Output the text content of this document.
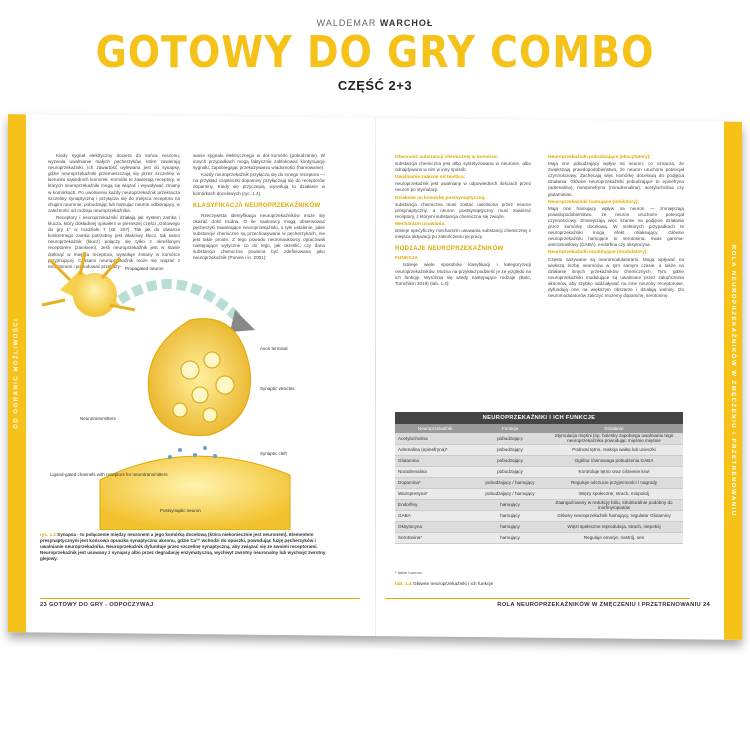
WALDEMAR WARCHOŁ
GOTOWY DO GRY COMBO
CZĘŚĆ 2+3
OD OGRANIC MOŻLIWOŚCI	ROLA NEUROPRZEKAŹNIKÓW W ZMĘCZENIU I PRZETRENOWANIU

Kiedy sygnał elektryczny dociera do końca neuronu, wyzwala uwalnianie małych pęcherzyków, które zawierają neuroprzekaźniki. Ich zawartość wylewana jest do synapsy, gdzie neuroprzekaźniki przemieszczają się przez szczelinę w kierunku sąsiednich komórek. Komórki te zawierają receptory, w których neuroprzekaźniki mogą się wiązać i wywoływać zmiany w komórkach. Po uwolnieniu każdy neuroprzekaźnik przekracza szczeliny synaptyczną i przyłącza się do miejsca receptora na drugim neuronie, pobudzając lub hamując neuron odbierający, w zależności od rodzaju neuroprzekaźnika.

Receptory i neuroprzekaźniki działają jak system zamka i klucza, który dokładniej opisałem w pierwszej części „Gotowego do gry 1” w rozdziale 7 (str. 207). Tak jak do otwarcia konkretnego zamka potrzebny jest właściwy klucz, tak samo neuroprzekaźnik (klucz) połączy się tylko z określonym receptorem (zamkiem). Jeśli neuroprzekaźnik jest w stanie dotknąć w miejscu receptora, wywołuje zmiany w komórce przyjmującej. Czasami neuroprzekaźnik może się wiązać z receptorami i powodować przekazy-

wanie sygnału elektrycznego w dół komórki (pobudzanie). W innych przypadkach mogą faktycznie zablokować kontynuację sygnału, zapobiegając przekazywaniu wiadomości (hamowanie).

Każdy neuroprzekaźnik przyłącza się do innego receptora — na przykład cząsteczki dopaminy przyłączają się do receptorów dopaminy. Kiedy się przyczepią, wywołują to działanie w komórkach docelowych (ryc. 1.4).

KLASYFIKACJA NEUROPRZEKAŹNIKÓW

Rzeczywista identyfikacja neuroprzekaźników może się okazać dość trudna. O ile naukowcy mogą obserwować pęcherzyki zawierające neuroprzekaźniki, o tyle ustalenie, jakie substancje chemiczne są przechowywane w pęcherzykach, nie jest takie proste. Z tego powodu neuronaukowcy opracowali następujące wytyczne co do tego, jak określić, czy dana substancja chemiczna powinna być zdefiniowana jako neuroprzekaźnik (Purves i in. 2001):

Propagated neuron
Axon terminal
Synaptic vesicles
Neurotransmitters
Ligand-gated channels with receptors for neurotransmitters
Synaptic cleft
Postsynaptic neuron
ryc. 1.4 Synapsa - to połączenie między neuronem a jego komórką docelową (która niekoniecznie jest neuronem). Elementem presynaptycznym jest końcowa opuszka synaptyczna aksonu, gdzie Ca²⁺ wchodzi do opuszki, powodując fuzję pęcherzyków i uwalnianie neuroprzekaźnika. Neuroprzekaźnik dyfunduje przez szczelinę synaptyczną, aby związać się ze swoimi receptorami. Neuroprzekaźnik jest usuwany z synapsy albo przez degradację enzymatyczną, wychwyt zwrotny neuronalny lub wychwyt zwrotny glejowy.
Obecność substancji chemicznej w komórce:

substancja chemiczna jest albo syntetyzowana w neuronie, albo odnajdywana w nim w inny sposób.

Uwalnianie zależne od bodźca:

neuroprzekaźnik jest uwalniany w odpowiednich ilościach przez neuron po stymulacji.

Działanie na komórkę postsynaptyczną:

substancja chemiczna musi zostać uwolniona przez neuron presynaptyczny, a neuron postsynaptyczny musi zawierać receptory, z którymi substancja chemiczna się zwiąże.

Mechanizm usuwania:

istnieje specyficzny mechanizm usuwania substancji chemicznej z miejsca aktywacji po zakończeniu jej pracy.

RODZAJE NEUROPRZEKAŹNIKÓW
FUNKCJA

Istnieje wiele sposobów klasyfikacji i kategoryzacji neuroprzekaźników. Można na przykład podzielić je ze względu na ich funkcję. Wyróżnia się wtedy następujące rodzaje (Bolo, Tomchikm 2019) (tab. 1.4):

Neuroprzekaźniki pobudzające (ekscytatory):

Mają one pobudzający wpływ na neuron, co oznacza, że zwiększają prawdopodobieństwo, że neuron uruchomi potencjał czynnościowy. Zachęcają więc komórkę docelową do podjęcia działania. Główne neuroprzekaźniki pobudzające to epinefryna (adrenalina), norepinefryna (noradrenalina), acetylocholina czy glutaminian.

Neuroprzekaźniki hamujące (inhibitory):

Mają one hamujący wpływ na neuron — zmniejszają prawdopodobieństwo, że neuron uruchomi potencjał czynnościowy. Zmniejszają więc szanse na podjęcie działania przez komórkę docelową. W niektórych przypadkach te neuroprzekaźniki mogą efekt relaksujący. Główne neuroprzekaźniki hamujące to serotonina, kwas gamma-aminomasłowy (GABA), endorfina czy oksytocyna.

Neuroprzekaźniki modulujące (modulatory):

Często nazywane są neuromodulatorami. Mogą wpływać na większą liczbę neuronów w tym samym czasie, a także na działanie innych przekaźników chemicznych. Tym, gdzie neuroprzekaźniki modulujące są uwalniane przez zakończenia aksonów, aby szybko oddziaływać na inne neurony receptorowe, dyfundują one na większym obszarze i działają wolniej. Do neuromodulatorów zaliczyć możemy dopaminę, serotoninę.

NEUROPRZEKAŹNIKI I ICH FUNKCJE
Neuroprzekaźnik	Funkcja	Działanie
Acetylocholina	pobudzający	Stymulacja mięśni (np. bolesky zapobiega uwalnianiu tego neuroprzekaźnika powodując mięśnie mięśnie
Adrenalina (epinefryna)*	pobudzający	Podnosi tętno, reakcja walka lub ucieczki
Glutamina	pobudzający	Ogólna równowaga pobudzenia GABA
Noradrenalina	pobudzający	Kontroluje tętno oraz ciśnienie krwi
Dopamina*	pobudzający / hamujący	Reguluje odczucie przyjemności / nagrody
Wazopresyna*	pobudzający / hamujący	Więzy społeczne, strach, miopokój
Endorfiny	hamujący	Zaangażowany w redukcję bólu, strukturalnie podobny do morfiny/opiatów
GABA	hamujący	Główny neuroprzekaźnik hamujący, regulator Glutaminy
Oksytocyna	hamujący	Więzi społeczne reprodukcja, strach, niepokój
Serotonina*	hamujący	Reguluje emocje, nastrój, sen
* także hormon
tab. 1.4 Główne neuroprzekaźniki i ich funkcje
23 GOTOWY DO GRY - ODPOCZYWAJ	ROLA NEUROPRZEKAŹNIKÓW W ZMĘCZENIU I PRZETRENOWANIU 24
